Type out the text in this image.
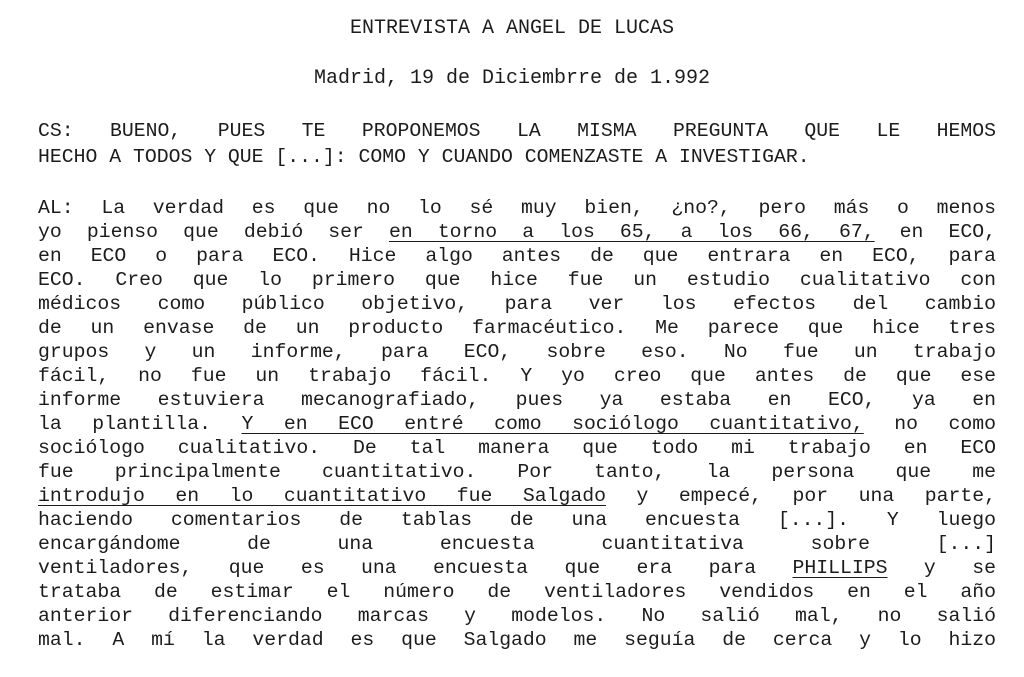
ENTREVISTA A ANGEL DE LUCAS
Madrid, 19 de Diciembrre de 1.992
CS: BUENO, PUES TE PROPONEMOS LA MISMA PREGUNTA QUE LE HEMOS
HECHO A TODOS Y QUE [...]: COMO Y CUANDO COMENZASTE A INVESTIGAR.
AL: La verdad es que no lo sé muy bien, ¿no?, pero más o menos
yo pienso que debió ser en torno a los 65, a los 66, 67, en ECO,
en ECO o para ECO. Hice algo antes de que entrara en ECO, para
ECO. Creo que lo primero que hice fue un estudio cualitativo con
médicos como público objetivo, para ver los efectos del cambio
de un envase de un producto farmacéutico. Me parece que hice tres
grupos y un informe, para ECO, sobre eso. No fue un trabajo
fácil, no fue un trabajo fácil. Y yo creo que antes de que ese
informe estuviera mecanografiado, pues ya estaba en ECO, ya en
la plantilla. Y en ECO entré como sociólogo cuantitativo, no como
sociólogo cualitativo. De tal manera que todo mi trabajo en ECO
fue principalmente cuantitativo. Por tanto, la persona que me
introdujo en lo cuantitativo fue Salgado y empecé, por una parte,
haciendo comentarios de tablas de una encuesta [...]. Y luego
encargándome de una encuesta cuantitativa sobre [...]
ventiladores, que es una encuesta que era para PHILLIPS y se
trataba de estimar el número de ventiladores vendidos en el año
anterior diferenciando marcas y modelos. No salió mal, no salió
mal. A mí la verdad es que Salgado me seguía de cerca y lo hizo
